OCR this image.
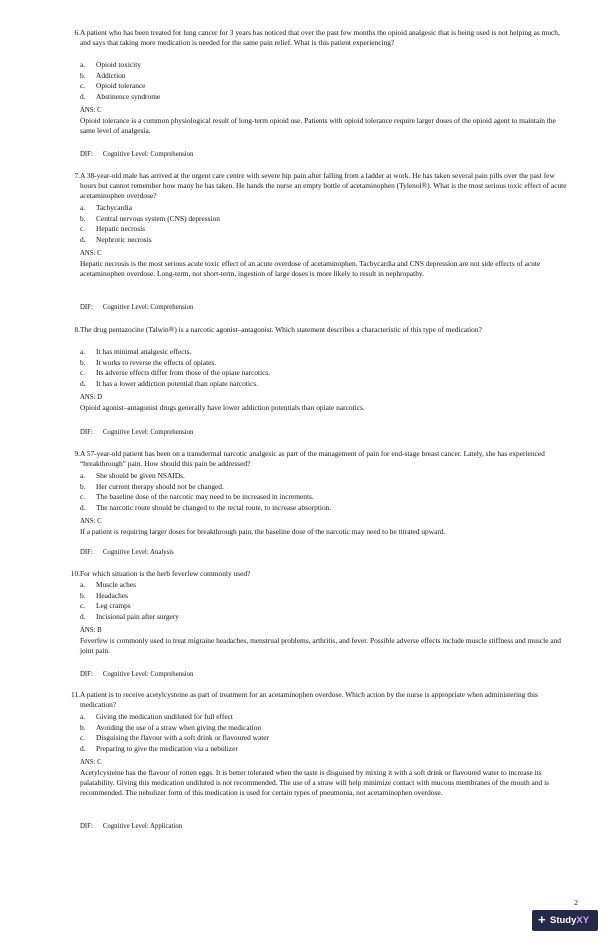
6. A patient who has been treated for lung cancer for 3 years has noticed that over the past few months the opioid analgesic that is being used is not helping as much, and says that taking more medication is needed for the same pain relief. What is this patient experiencing?
a. Opioid toxicity
b. Addiction
c. Opioid tolerance
d. Abstinence syndrome
ANS: C
Opioid tolerance is a common physiological result of long-term opioid use. Patients with opioid tolerance require larger doses of the opioid agent to maintain the same level of analgesia.
DIF: Cognitive Level: Comprehension
7. A 38-year-old male has arrived at the urgent care centre with severe hip pain after falling from a ladder at work. He has taken several pain pills over the past few hours but cannot remember how many he has taken. He hands the nurse an empty bottle of acetaminophen (Tylenol®). What is the most serious toxic effect of acute acetaminophen overdose?
a. Tachycardia
b. Central nervous system (CNS) depression
c. Hepatic necrosis
d. Nephrotic necrosis
ANS: C
Hepatic necrosis is the most serious acute toxic effect of an acute overdose of acetaminophen. Tachycardia and CNS depression are not side effects of acute acetaminophen overdose. Long-term, not short-term, ingestion of large doses is more likely to result in nephropathy.
DIF: Cognitive Level: Comprehension
8. The drug pentazocine (Talwin®) is a narcotic agonist–antagonist. Which statement describes a characteristic of this type of medication?
a. It has minimal analgesic effects.
b. It works to reverse the effects of opiates.
c. Its adverse effects differ from those of the opiate narcotics.
d. It has a lower addiction potential than opiate narcotics.
ANS: D
Opioid agonist–antagonist drugs generally have lower addiction potentials than opiate narcotics.
DIF: Cognitive Level: Comprehension
9. A 57-year-old patient has been on a transdermal narcotic analgesic as part of the management of pain for end-stage breast cancer. Lately, she has experienced “breakthrough” pain. How should this pain be addressed?
a. She should be given NSAIDs.
b. Her current therapy should not be changed.
c. The baseline dose of the narcotic may need to be increased in increments.
d. The narcotic route should be changed to the rectal route, to increase absorption.
ANS: C
If a patient is requiring larger doses for breakthrough pain, the baseline dose of the narcotic may need to be titrated upward.
DIF: Cognitive Level: Analysis
10. For which situation is the herb feverfew commonly used?
a. Muscle aches
b. Headaches
c. Leg cramps
d. Incisional pain after surgery
ANS: B
Feverfew is commonly used to treat migraine headaches, menstrual problems, arthritis, and fever. Possible adverse effects include muscle stiffness and muscle and joint pain.
DIF: Cognitive Level: Comprehension
11. A patient is to receive acetylcysteine as part of treatment for an acetaminophen overdose. Which action by the nurse is appropriate when administering this medication?
a. Giving the medication undiluted for full effect
b. Avoiding the use of a straw when giving the medication
c. Disguising the flavour with a soft drink or flavoured water
d. Preparing to give the medication via a nebulizer
ANS: C
Acetylcysteine has the flavour of rotten eggs. It is better tolerated when the taste is disguised by mixing it with a soft drink or flavoured water to increase its palatability. Giving this medication undiluted is not recommended. The use of a straw will help minimize contact with mucous membranes of the mouth and is recommended. The nebulizer form of this medication is used for certain types of pneumonia, not acetaminophen overdose.
DIF: Cognitive Level: Application
2
+ StudyXY
